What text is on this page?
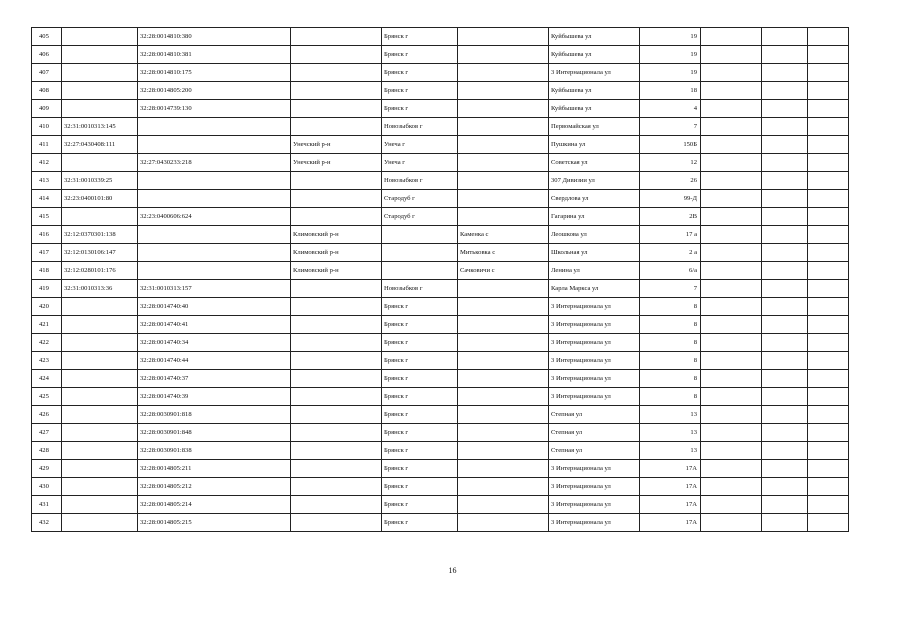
405		32:28:0014810:380		Брянск г		Куйбышева ул	19			
406		32:28:0014810:381		Брянск г		Куйбышева ул	19			
407		32:28:0014810:175		Брянск г		3 Интернационала ул	19			
408		32:28:0014805:200		Брянск г		Куйбышева ул	18			
409		32:28:0014739:130		Брянск г		Куйбышева ул	4			
410	32:31:0010313:145			Новозыбков г		Первомайская ул	7			
411	32:27:0430408:111		Унечский р-н	Унеча г		Пушкина ул	150Б			
412		32:27:0430233:218	Унечский р-н	Унеча г		Советская ул	12			
413	32:31:0010339:25			Новозыбков г		307 Дивизии ул	26			
414	32:23:0400101:80			Стародуб г		Свердлова ул	99-Д			
415		32:23:0400606:624		Стародуб г		Гагарина ул	2В			
416	32:12:0370301:138		Климовский р-н		Каменка с	Леошкова ул	17 а			
417	32:12:0130106:147		Климовский р-н		Митьковка с	Школьная ул	2 а			
418	32:12:0280101:176		Климовский р-н		Сачковичи с	Ленина ул	6/а			
419	32:31:0010313:36	32:31:0010313:157		Новозыбков г		Карла Маркса ул	7			
420		32:28:0014740:40		Брянск г		3 Интернационала ул	8			
421		32:28:0014740:41		Брянск г		3 Интернационала ул	8			
422		32:28:0014740:34		Брянск г		3 Интернационала ул	8			
423		32:28:0014740:44		Брянск г		3 Интернационала ул	8			
424		32:28:0014740:37		Брянск г		3 Интернационала ул	8			
425		32:28:0014740:39		Брянск г		3 Интернационала ул	8			
426		32:28:0030901:818		Брянск г		Степная ул	13			
427		32:28:0030901:848		Брянск г		Степная ул	13			
428		32:28:0030901:838		Брянск г		Степная ул	13			
429		32:28:0014805:211		Брянск г		3 Интернационала ул	17А			
430		32:28:0014805:212		Брянск г		3 Интернационала ул	17А			
431		32:28:0014805:214		Брянск г		3 Интернационала ул	17А			
432		32:28:0014805:215		Брянск г		3 Интернационала ул	17А			
16
